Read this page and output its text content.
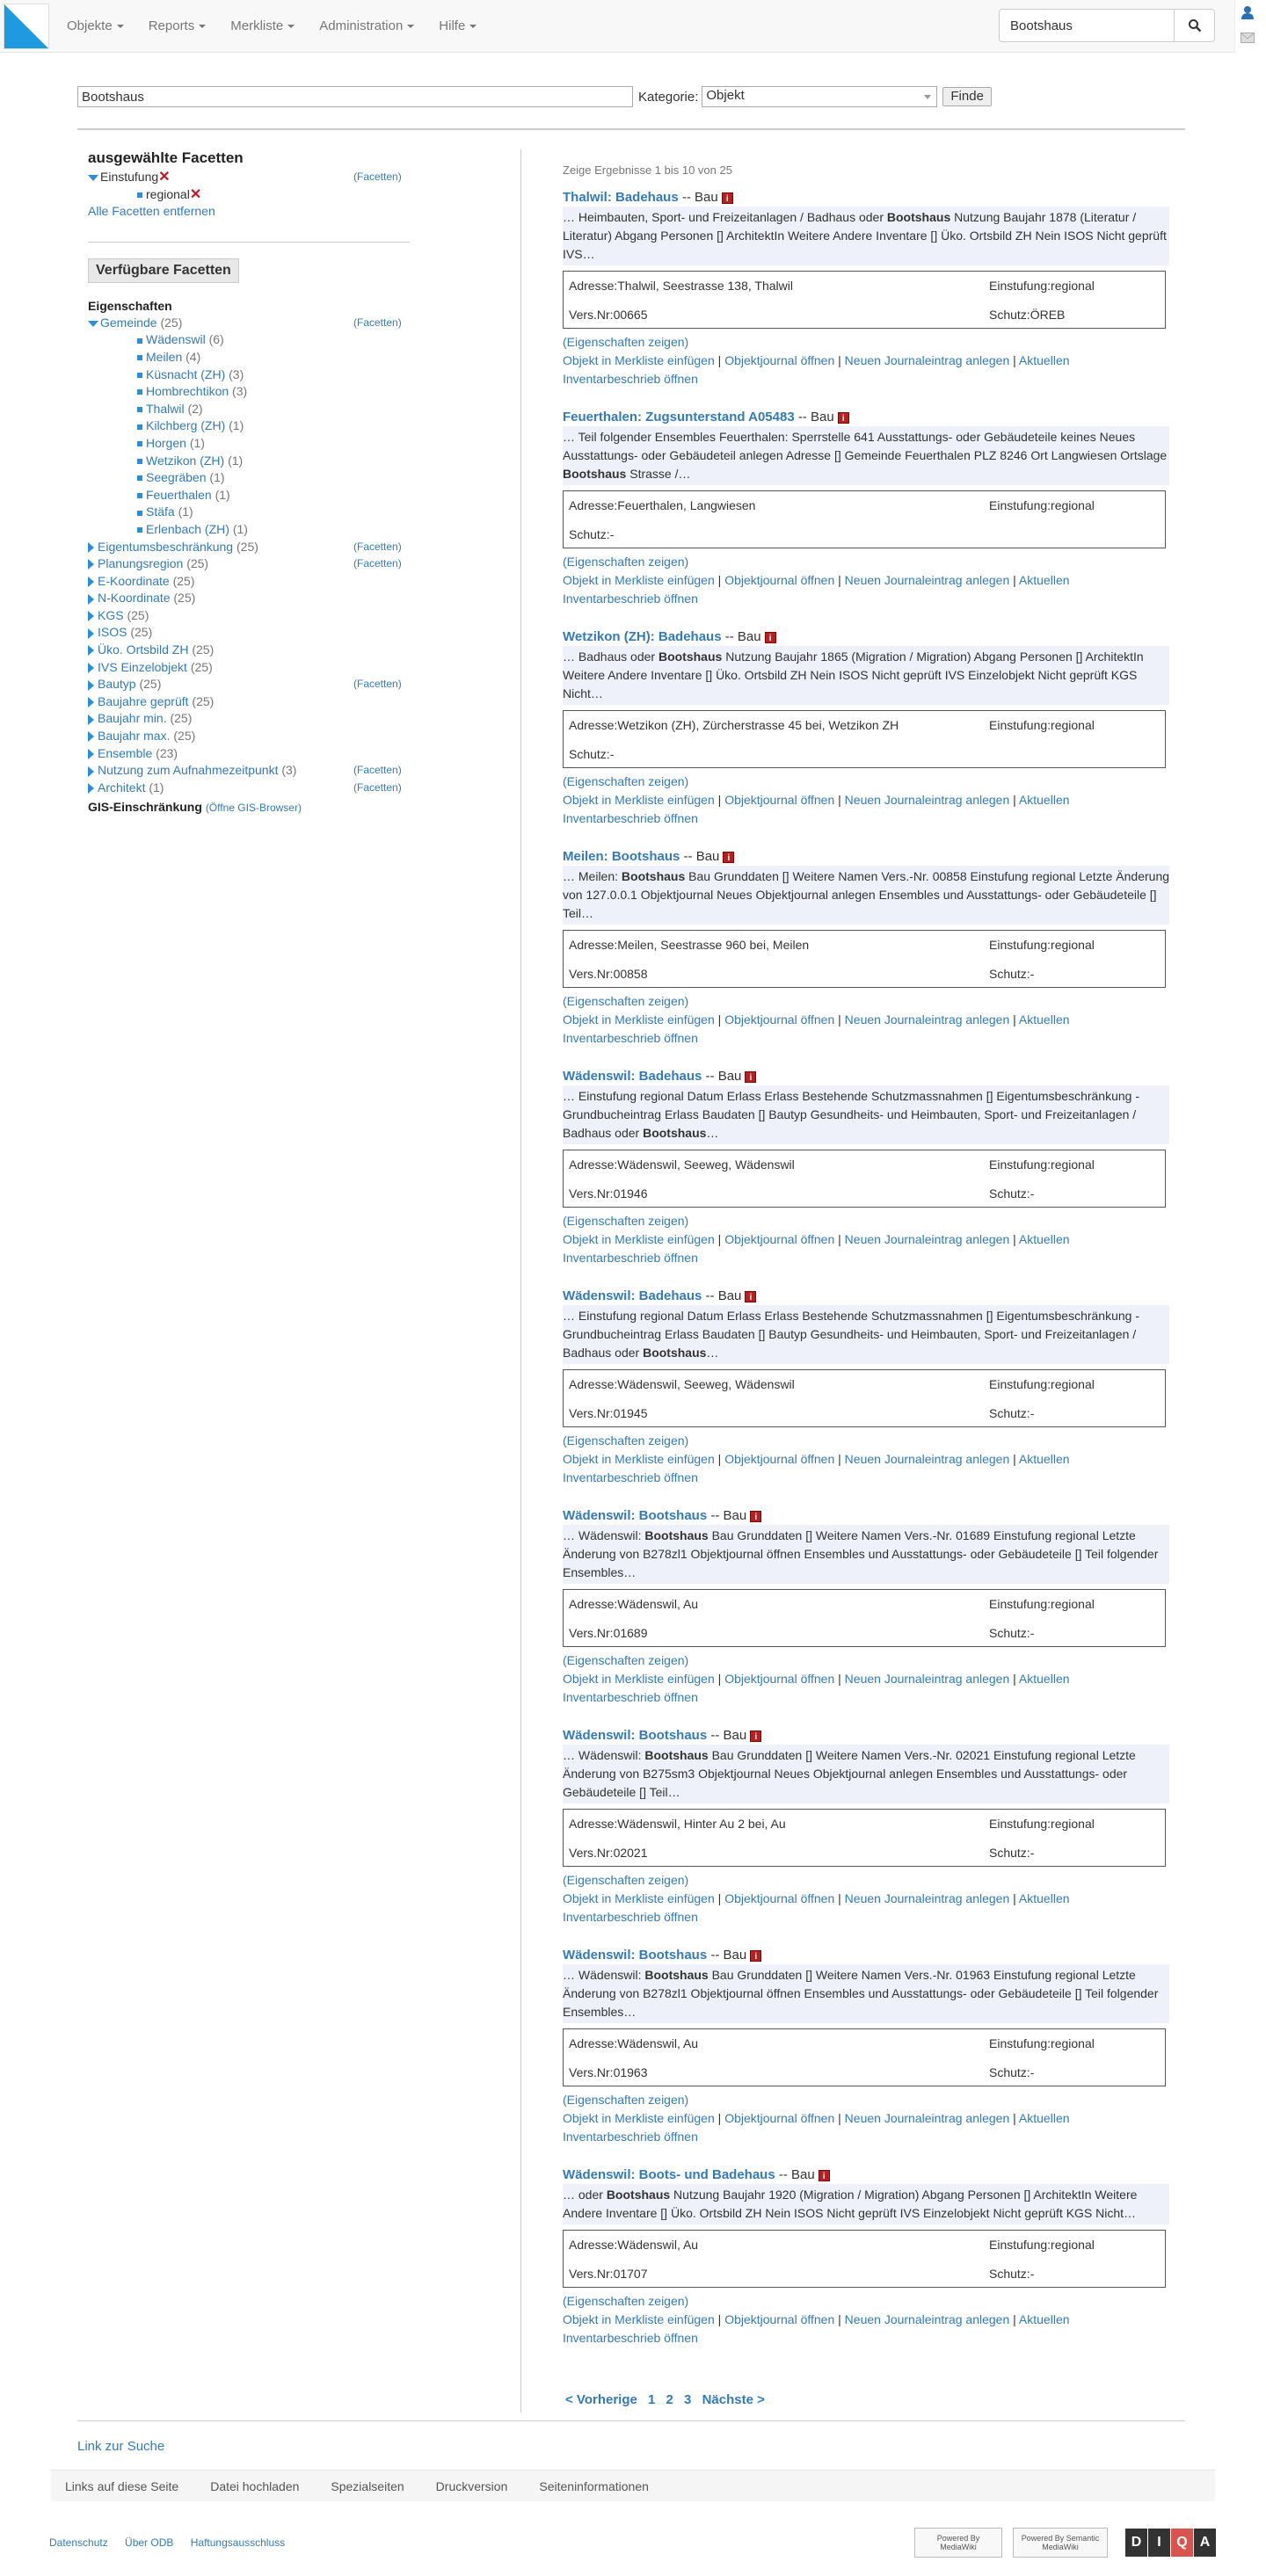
Objekte	Reports	Merkliste	Administration	Hilfe
Bootshaus
Bootshaus
Kategorie: Objekt	Finde
ausgewählte Facetten
Einstufung✕	(Facetten)
regional✕
Alle Facetten entfernen
Verfügbare Facetten
Eigenschaften
Gemeinde (25)	(Facetten)
Wädenswil (6)
Meilen (4)
Küsnacht (ZH) (3)
Hombrechtikon (3)
Thalwil (2)
Kilchberg (ZH) (1)
Horgen (1)
Wetzikon (ZH) (1)
Seegräben (1)
Feuerthalen (1)
Stäfa (1)
Erlenbach (ZH) (1)
Eigentumsbeschränkung (25)	(Facetten)
Planungsregion (25)	(Facetten)
E-Koordinate (25)
N-Koordinate (25)
KGS (25)
ISOS (25)
Üko. Ortsbild ZH (25)
IVS Einzelobjekt (25)
Bautyp (25)	(Facetten)
Baujahre geprüft (25)
Baujahr min. (25)
Baujahr max. (25)
Ensemble (23)
Nutzung zum Aufnahmezeitpunkt (3)	(Facetten)
Architekt (1)	(Facetten)
GIS-Einschränkung (Öffne GIS-Browser)
Zeige Ergebnisse 1 bis 10 von 25
Thalwil: Badehaus -- Bau i
… Heimbauten, Sport- und Freizeitanlagen / Badhaus oder Bootshaus Nutzung Baujahr 1878 (Literatur / Literatur) Abgang Personen [] ArchitektIn Weitere Andere Inventare [] Üko. Ortsbild ZH Nein ISOS Nicht geprüft IVS…
Adresse:Thalwil, Seestrasse 138, Thalwil	Einstufung:regional
Vers.Nr:00665	Schutz:ÖREB
(Eigenschaften zeigen)
Objekt in Merkliste einfügen | Objektjournal öffnen | Neuen Journaleintrag anlegen | Aktuellen Inventarbeschrieb öffnen
Feuerthalen: Zugsunterstand A05483 -- Bau i
… Teil folgender Ensembles Feuerthalen: Sperrstelle 641 Ausstattungs- oder Gebäudeteile keines Neues Ausstattungs- oder Gebäudeteil anlegen Adresse [] Gemeinde Feuerthalen PLZ 8246 Ort Langwiesen Ortslage Bootshaus Strasse /…
Adresse:Feuerthalen, Langwiesen	Einstufung:regional
Schutz:-
(Eigenschaften zeigen)
Objekt in Merkliste einfügen | Objektjournal öffnen | Neuen Journaleintrag anlegen | Aktuellen Inventarbeschrieb öffnen
Wetzikon (ZH): Badehaus -- Bau i
… Badhaus oder Bootshaus Nutzung Baujahr 1865 (Migration / Migration) Abgang Personen [] ArchitektIn Weitere Andere Inventare [] Üko. Ortsbild ZH Nein ISOS Nicht geprüft IVS Einzelobjekt Nicht geprüft KGS Nicht…
Adresse:Wetzikon (ZH), Zürcherstrasse 45 bei, Wetzikon ZH	Einstufung:regional
Schutz:-
(Eigenschaften zeigen)
Objekt in Merkliste einfügen | Objektjournal öffnen | Neuen Journaleintrag anlegen | Aktuellen Inventarbeschrieb öffnen
Meilen: Bootshaus -- Bau i
… Meilen: Bootshaus Bau Grunddaten [] Weitere Namen Vers.-Nr. 00858 Einstufung regional Letzte Änderung von 127.0.0.1 Objektjournal Neues Objektjournal anlegen Ensembles und Ausstattungs- oder Gebäudeteile [] Teil…
Adresse:Meilen, Seestrasse 960 bei, Meilen	Einstufung:regional
Vers.Nr:00858	Schutz:-
(Eigenschaften zeigen)
Objekt in Merkliste einfügen | Objektjournal öffnen | Neuen Journaleintrag anlegen | Aktuellen Inventarbeschrieb öffnen
Wädenswil: Badehaus -- Bau i
… Einstufung regional Datum Erlass Erlass Bestehende Schutzmassnahmen [] Eigentumsbeschränkung - Grundbucheintrag Erlass Baudaten [] Bautyp Gesundheits- und Heimbauten, Sport- und Freizeitanlagen / Badhaus oder Bootshaus…
Adresse:Wädenswil, Seeweg, Wädenswil	Einstufung:regional
Vers.Nr:01946	Schutz:-
(Eigenschaften zeigen)
Objekt in Merkliste einfügen | Objektjournal öffnen | Neuen Journaleintrag anlegen | Aktuellen Inventarbeschrieb öffnen
Wädenswil: Badehaus -- Bau i
… Einstufung regional Datum Erlass Erlass Bestehende Schutzmassnahmen [] Eigentumsbeschränkung - Grundbucheintrag Erlass Baudaten [] Bautyp Gesundheits- und Heimbauten, Sport- und Freizeitanlagen / Badhaus oder Bootshaus…
Adresse:Wädenswil, Seeweg, Wädenswil	Einstufung:regional
Vers.Nr:01945	Schutz:-
(Eigenschaften zeigen)
Objekt in Merkliste einfügen | Objektjournal öffnen | Neuen Journaleintrag anlegen | Aktuellen Inventarbeschrieb öffnen
Wädenswil: Bootshaus -- Bau i
… Wädenswil: Bootshaus Bau Grunddaten [] Weitere Namen Vers.-Nr. 01689 Einstufung regional Letzte Änderung von B278zl1 Objektjournal öffnen Ensembles und Ausstattungs- oder Gebäudeteile [] Teil folgender Ensembles…
Adresse:Wädenswil, Au	Einstufung:regional
Vers.Nr:01689	Schutz:-
(Eigenschaften zeigen)
Objekt in Merkliste einfügen | Objektjournal öffnen | Neuen Journaleintrag anlegen | Aktuellen Inventarbeschrieb öffnen
Wädenswil: Bootshaus -- Bau i
… Wädenswil: Bootshaus Bau Grunddaten [] Weitere Namen Vers.-Nr. 02021 Einstufung regional Letzte Änderung von B275sm3 Objektjournal Neues Objektjournal anlegen Ensembles und Ausstattungs- oder Gebäudeteile [] Teil…
Adresse:Wädenswil, Hinter Au 2 bei, Au	Einstufung:regional
Vers.Nr:02021	Schutz:-
(Eigenschaften zeigen)
Objekt in Merkliste einfügen | Objektjournal öffnen | Neuen Journaleintrag anlegen | Aktuellen Inventarbeschrieb öffnen
Wädenswil: Bootshaus -- Bau i
… Wädenswil: Bootshaus Bau Grunddaten [] Weitere Namen Vers.-Nr. 01963 Einstufung regional Letzte Änderung von B278zl1 Objektjournal öffnen Ensembles und Ausstattungs- oder Gebäudeteile [] Teil folgender Ensembles…
Adresse:Wädenswil, Au	Einstufung:regional
Vers.Nr:01963	Schutz:-
(Eigenschaften zeigen)
Objekt in Merkliste einfügen | Objektjournal öffnen | Neuen Journaleintrag anlegen | Aktuellen Inventarbeschrieb öffnen
Wädenswil: Boots- und Badehaus -- Bau i
… oder Bootshaus Nutzung Baujahr 1920 (Migration / Migration) Abgang Personen [] ArchitektIn Weitere Andere Inventare [] Üko. Ortsbild ZH Nein ISOS Nicht geprüft IVS Einzelobjekt Nicht geprüft KGS Nicht…
Adresse:Wädenswil, Au	Einstufung:regional
Vers.Nr:01707	Schutz:-
(Eigenschaften zeigen)
Objekt in Merkliste einfügen | Objektjournal öffnen | Neuen Journaleintrag anlegen | Aktuellen Inventarbeschrieb öffnen
< Vorherige 1 2 3 Nächste >
Link zur Suche
Links auf diese Seite	Datei hochladen	Spezialseiten	Druckversion	Seiteninformationen
Datenschutz Über ODB Haftungsausschluss	Powered By MediaWiki
Powered By Semantic MediaWiki	D	I	Q A
